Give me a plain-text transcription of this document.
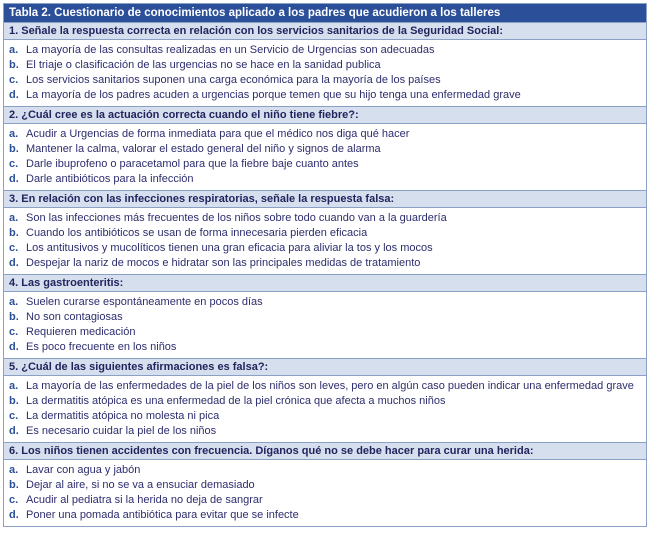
Tabla 2. Cuestionario de conocimientos aplicado a los padres que acudieron a los talleres
1. Señale la respuesta correcta en relación con los servicios sanitarios de la Seguridad Social:
a. La mayoría de las consultas realizadas en un Servicio de Urgencias son adecuadas
b. El triaje o clasificación de las urgencias no se hace en la sanidad publica
c. Los servicios sanitarios suponen una carga económica para la mayoría de los países
d. La mayoría de los padres acuden a urgencias porque temen que su hijo tenga una enfermedad grave
2. ¿Cuál cree es la actuación correcta cuando el niño tiene fiebre?:
a. Acudir a Urgencias de forma inmediata para que el médico nos diga qué hacer
b. Mantener la calma, valorar el estado general del niño y signos de alarma
c. Darle ibuprofeno o paracetamol para que la fiebre baje cuanto antes
d. Darle antibióticos para la infección
3. En relación con las infecciones respiratorias, señale la respuesta falsa:
a. Son las infecciones más frecuentes de los niños sobre todo cuando van a la guardería
b. Cuando los antibióticos se usan de forma innecesaria pierden eficacia
c. Los antitusivos y mucolíticos tienen una gran eficacia para aliviar la tos y los mocos
d. Despejar la nariz de mocos e hidratar son las principales medidas de tratamiento
4. Las gastroenteritis:
a. Suelen curarse espontáneamente en pocos días
b. No son contagiosas
c. Requieren medicación
d. Es poco frecuente en los niños
5. ¿Cuál de las siguientes afirmaciones es falsa?:
a. La mayoría de las enfermedades de la piel de los niños son leves, pero en algún caso pueden indicar una enfermedad grave
b. La dermatitis atópica es una enfermedad de la piel crónica que afecta a muchos niños
c. La dermatitis atópica no molesta ni pica
d. Es necesario cuidar la piel de los niños
6. Los niños tienen accidentes con frecuencia. Díganos qué no se debe hacer para curar una herida:
a. Lavar con agua y jabón
b. Dejar al aire, si no se va a ensuciar demasiado
c. Acudir al pediatra si la herida no deja de sangrar
d. Poner una pomada antibiótica para evitar que se infecte
